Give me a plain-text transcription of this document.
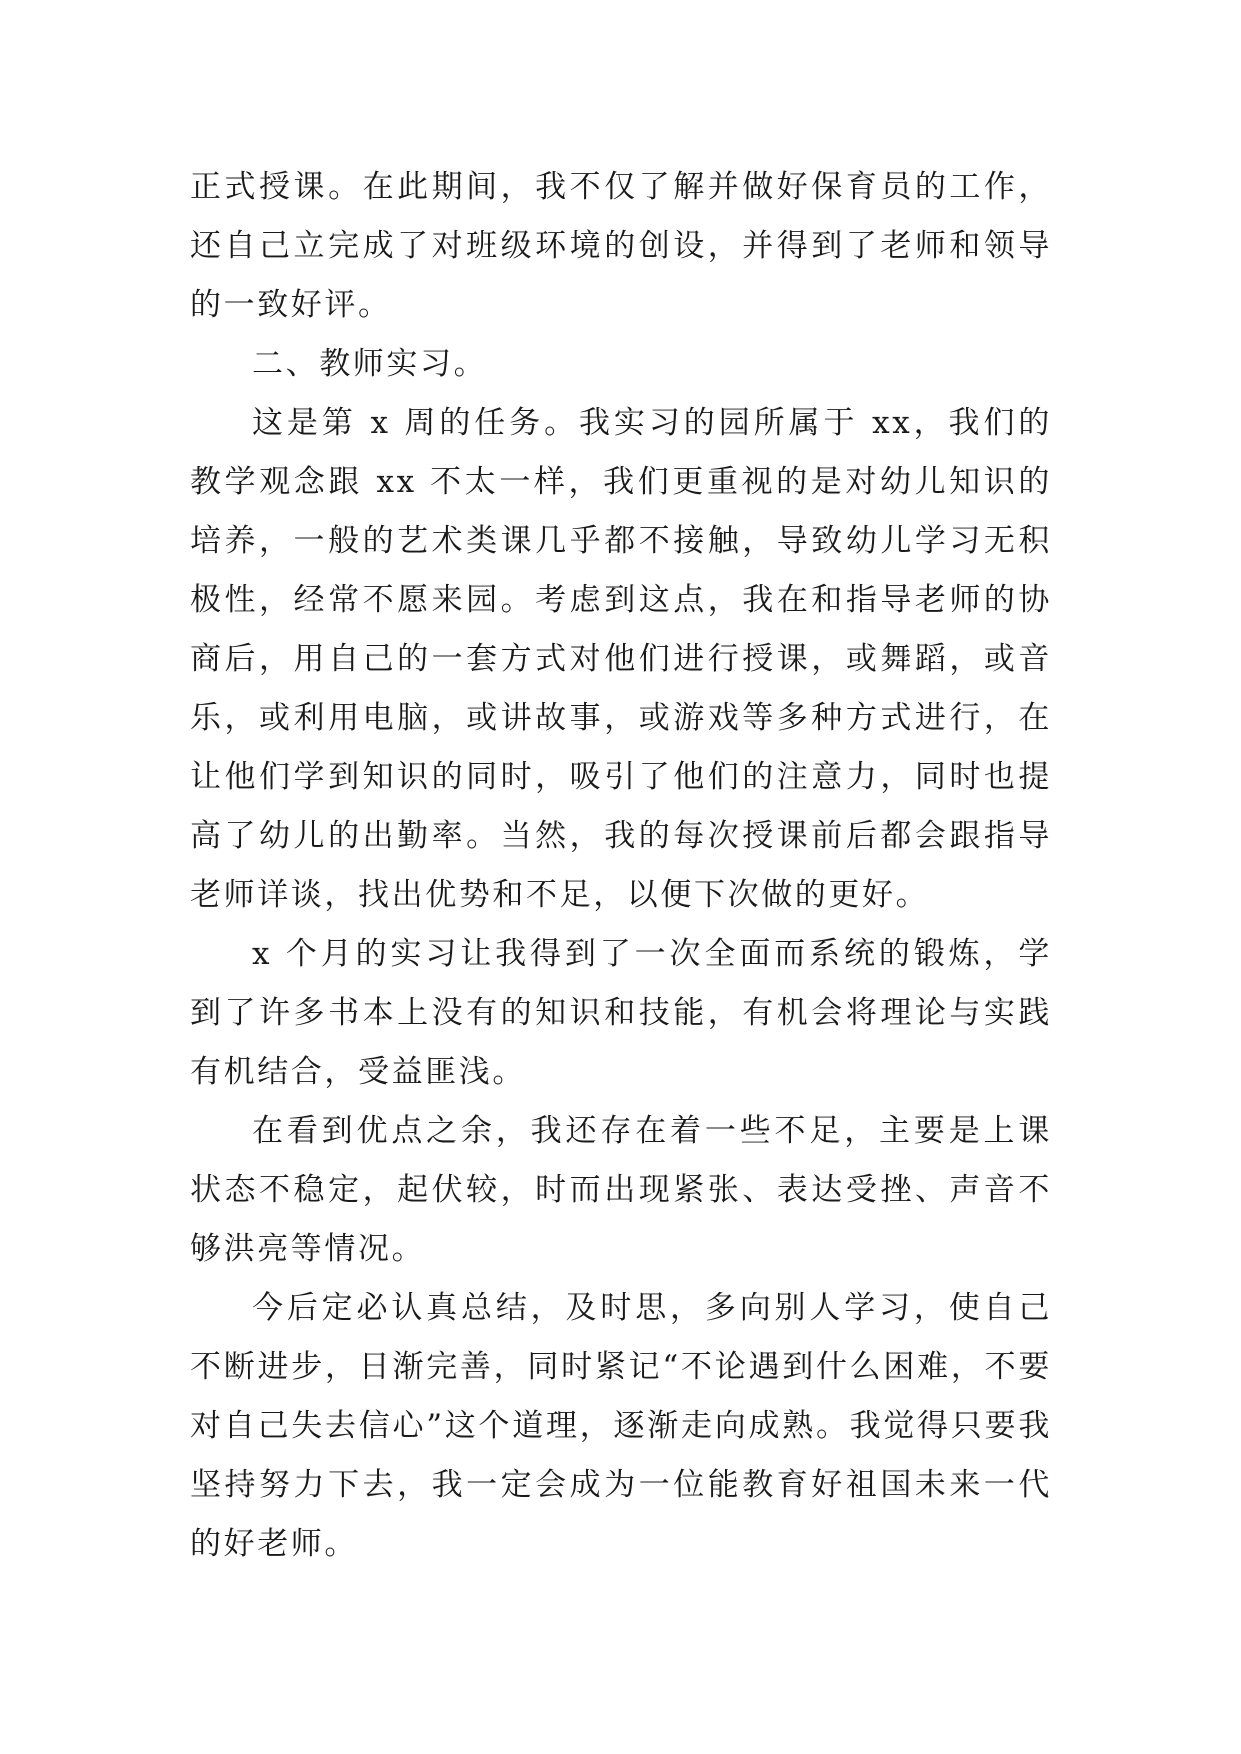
正式授课。在此期间，我不仅了解并做好保育员的工作，还自己立完成了对班级环境的创设，并得到了老师和领导的一致好评。

二、教师实习。

这是第 x 周的任务。我实习的园所属于 xx，我们的教学观念跟 xx 不太一样，我们更重视的是对幼儿知识的培养，一般的艺术类课几乎都不接触，导致幼儿学习无积极性，经常不愿来园。考虑到这点，我在和指导老师的协商后，用自己的一套方式对他们进行授课，或舞蹈，或音乐，或利用电脑，或讲故事，或游戏等多种方式进行，在让他们学到知识的同时，吸引了他们的注意力，同时也提高了幼儿的出勤率。当然，我的每次授课前后都会跟指导老师详谈，找出优势和不足，以便下次做的更好。

x 个月的实习让我得到了一次全面而系统的锻炼，学到了许多书本上没有的知识和技能，有机会将理论与实践有机结合，受益匪浅。

在看到优点之余，我还存在着一些不足，主要是上课状态不稳定，起伏较，时而出现紧张、表达受挫、声音不够洪亮等情况。

今后定必认真总结，及时思，多向别人学习，使自己不断进步，日渐完善，同时紧记“不论遇到什么困难，不要对自己失去信心”这个道理，逐渐走向成熟。我觉得只要我坚持努力下去，我一定会成为一位能教育好祖国未来一代的好老师。
